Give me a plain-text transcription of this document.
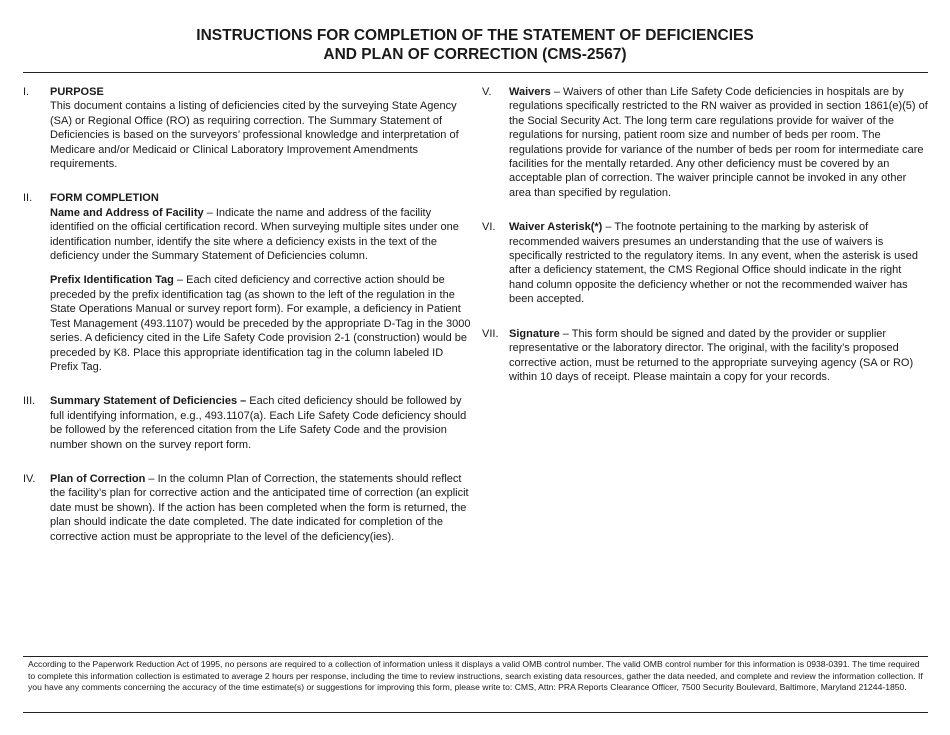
INSTRUCTIONS FOR COMPLETION OF THE STATEMENT OF DEFICIENCIES
AND PLAN OF CORRECTION (CMS-2567)
I. PURPOSE

This document contains a listing of deficiencies cited by the surveying State Agency (SA) or Regional Office (RO) as requiring correction. The Summary Statement of Deficiencies is based on the surveyors’ professional knowledge and interpretation of Medicare and/or Medicaid or Clinical Laboratory Improvement Amendments requirements.

II. FORM COMPLETION

Name and Address of Facility – Indicate the name and address of the facility identified on the official certification record. When surveying multiple sites under one identification number, identify the site where a deficiency exists in the text of the deficiency under the Summary Statement of Deficiencies column.

Prefix Identification Tag – Each cited deficiency and corrective action should be preceded by the prefix identification tag (as shown to the left of the regulation in the State Operations Manual or survey report form). For example, a deficiency in Patient Test Management (493.1107) would be preceded by the appropriate D-Tag in the 3000 series. A deficiency cited in the Life Safety Code provision 2-1 (construction) would be preceded by K8. Place this appropriate identification tag in the column labeled ID Prefix Tag.

III. Summary Statement of Deficiencies – Each cited deficiency should be followed by full identifying information, e.g., 493.1107(a). Each Life Safety Code deficiency should be followed by the referenced citation from the Life Safety Code and the provision number shown on the survey report form.

IV. Plan of Correction – In the column Plan of Correction, the statements should reflect the facility’s plan for corrective action and the anticipated time of correction (an explicit date must be shown). If the action has been completed when the form is returned, the plan should indicate the date completed. The date indicated for completion of the corrective action must be appropriate to the level of the deficiency(ies).

V. Waivers – Waivers of other than Life Safety Code deficiencies in hospitals are by regulations specifically restricted to the RN waiver as provided in section 1861(e)(5) of the Social Security Act. The long term care regulations provide for waiver of the regulations for nursing, patient room size and number of beds per room. The regulations provide for variance of the number of beds per room for intermediate care facilities for the mentally retarded. Any other deficiency must be covered by an acceptable plan of correction. The waiver principle cannot be invoked in any other area than specified by regulation.

VI. Waiver Asterisk(*) – The footnote pertaining to the marking by asterisk of recommended waivers presumes an understanding that the use of waivers is specifically restricted to the regulatory items. In any event, when the asterisk is used after a deficiency statement, the CMS Regional Office should indicate in the right hand column opposite the deficiency whether or not the recommended waiver has been accepted.

VII. Signature – This form should be signed and dated by the provider or supplier representative or the laboratory director. The original, with the facility’s proposed corrective action, must be returned to the appropriate surveying agency (SA or RO) within 10 days of receipt. Please maintain a copy for your records.

According to the Paperwork Reduction Act of 1995, no persons are required to a collection of information unless it displays a valid OMB control number. The valid OMB control number for this information is 0938-0391. The time required to complete this information collection is estimated to average 2 hours per response, including the time to review instructions, search existing data resources, gather the data needed, and complete and review the information collection. If you have any comments concerning the accuracy of the time estimate(s) or suggestions for improving this form, please write to: CMS, Attn: PRA Reports Clearance Officer, 7500 Security Boulevard, Baltimore, Maryland 21244-1850.
